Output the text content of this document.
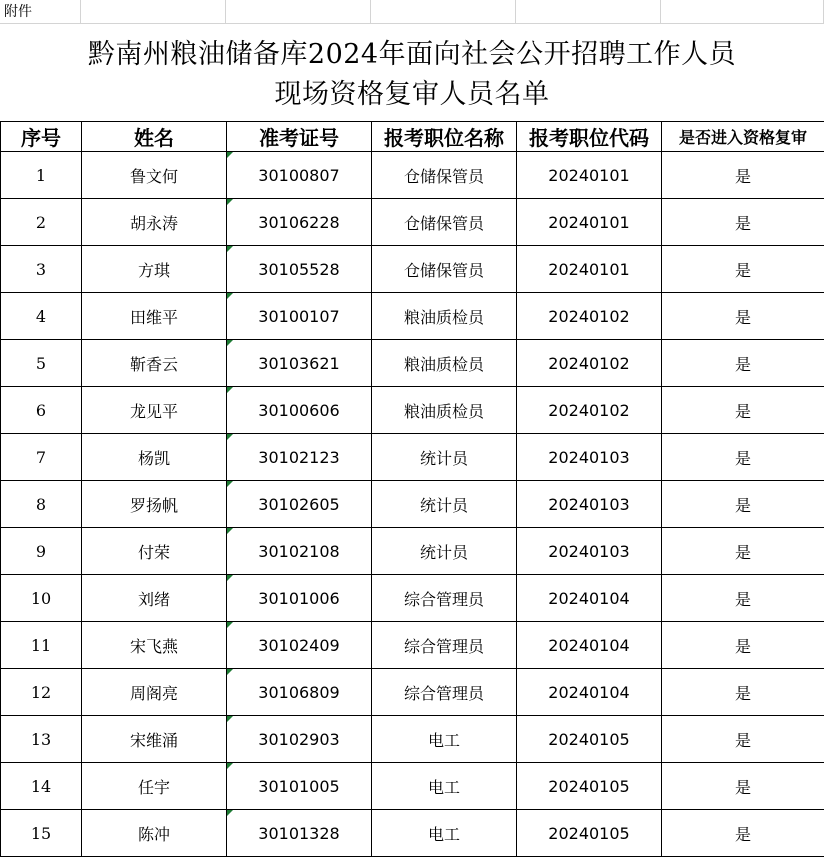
附件
黔南州粮油储备库2024年面向社会公开招聘工作人员
现场资格复审人员名单
序号	姓名	准考证号	报考职位名称	报考职位代码	是否进入资格复审
1	鲁文何	30100807	仓储保管员	20240101	是
2	胡永涛	30106228	仓储保管员	20240101	是
3	方琪	30105528	仓储保管员	20240101	是
4	田维平	30100107	粮油质检员	20240102	是
5	靳香云	30103621	粮油质检员	20240102	是
6	龙见平	30100606	粮油质检员	20240102	是
7	杨凯	30102123	统计员	20240103	是
8	罗扬帆	30102605	统计员	20240103	是
9	付荣	30102108	统计员	20240103	是
10	刘绪	30101006	综合管理员	20240104	是
11	宋飞燕	30102409	综合管理员	20240104	是
12	周阁亮	30106809	综合管理员	20240104	是
13	宋维涌	30102903	电工	20240105	是
14	任宇	30101005	电工	20240105	是
15	陈冲	30101328	电工	20240105	是
